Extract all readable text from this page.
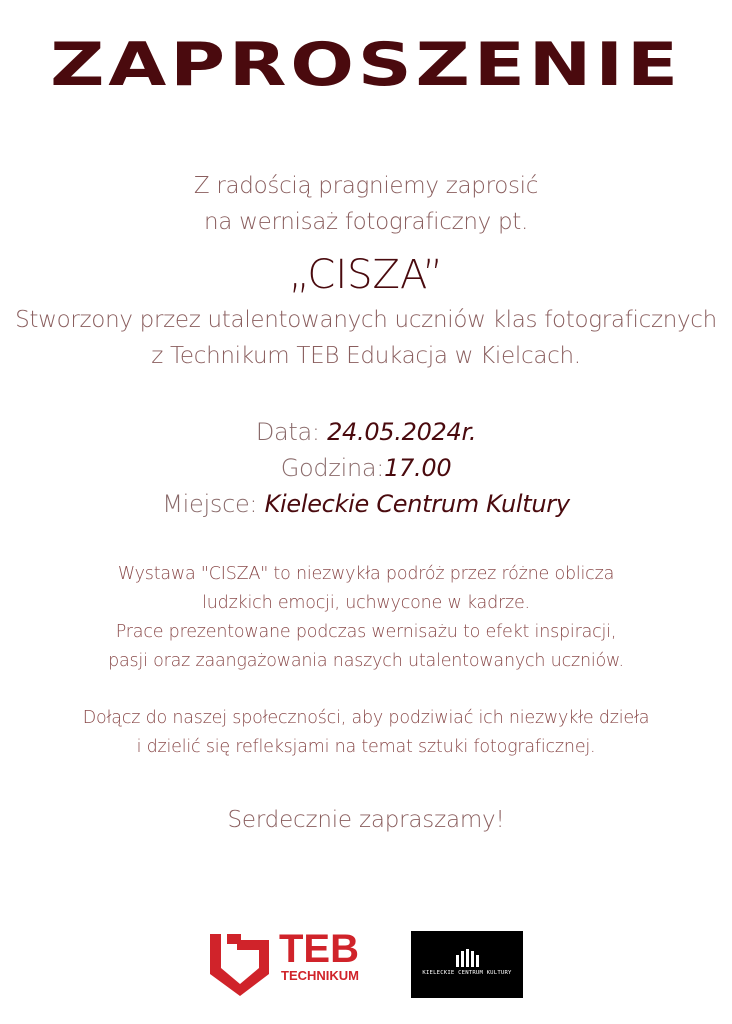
ZAPROSZENIE
Z radością pragniemy zaprosić
na wernisaż fotograficzny pt.
„CISZA”
Stworzony przez utalentowanych uczniów klas fotograficznych
z Technikum TEB Edukacja w Kielcach.
Data: 24.05.2024r.
Godzina:17.00
Miejsce: Kieleckie Centrum Kultury
Wystawa "CISZA" to niezwykła podróż przez różne oblicza
ludzkich emocji, uchwycone w kadrze.
Prace prezentowane podczas wernisażu to efekt inspiracji,
pasji oraz zaangażowania naszych utalentowanych uczniów.
Dołącz do naszej społeczności, aby podziwiać ich niezwykłe dzieła
i dzielić się refleksjami na temat sztuki fotograficznej.
Serdecznie zapraszamy!
TEB
TECHNIKUM	KIELECKIE CENTRUM KULTURY
